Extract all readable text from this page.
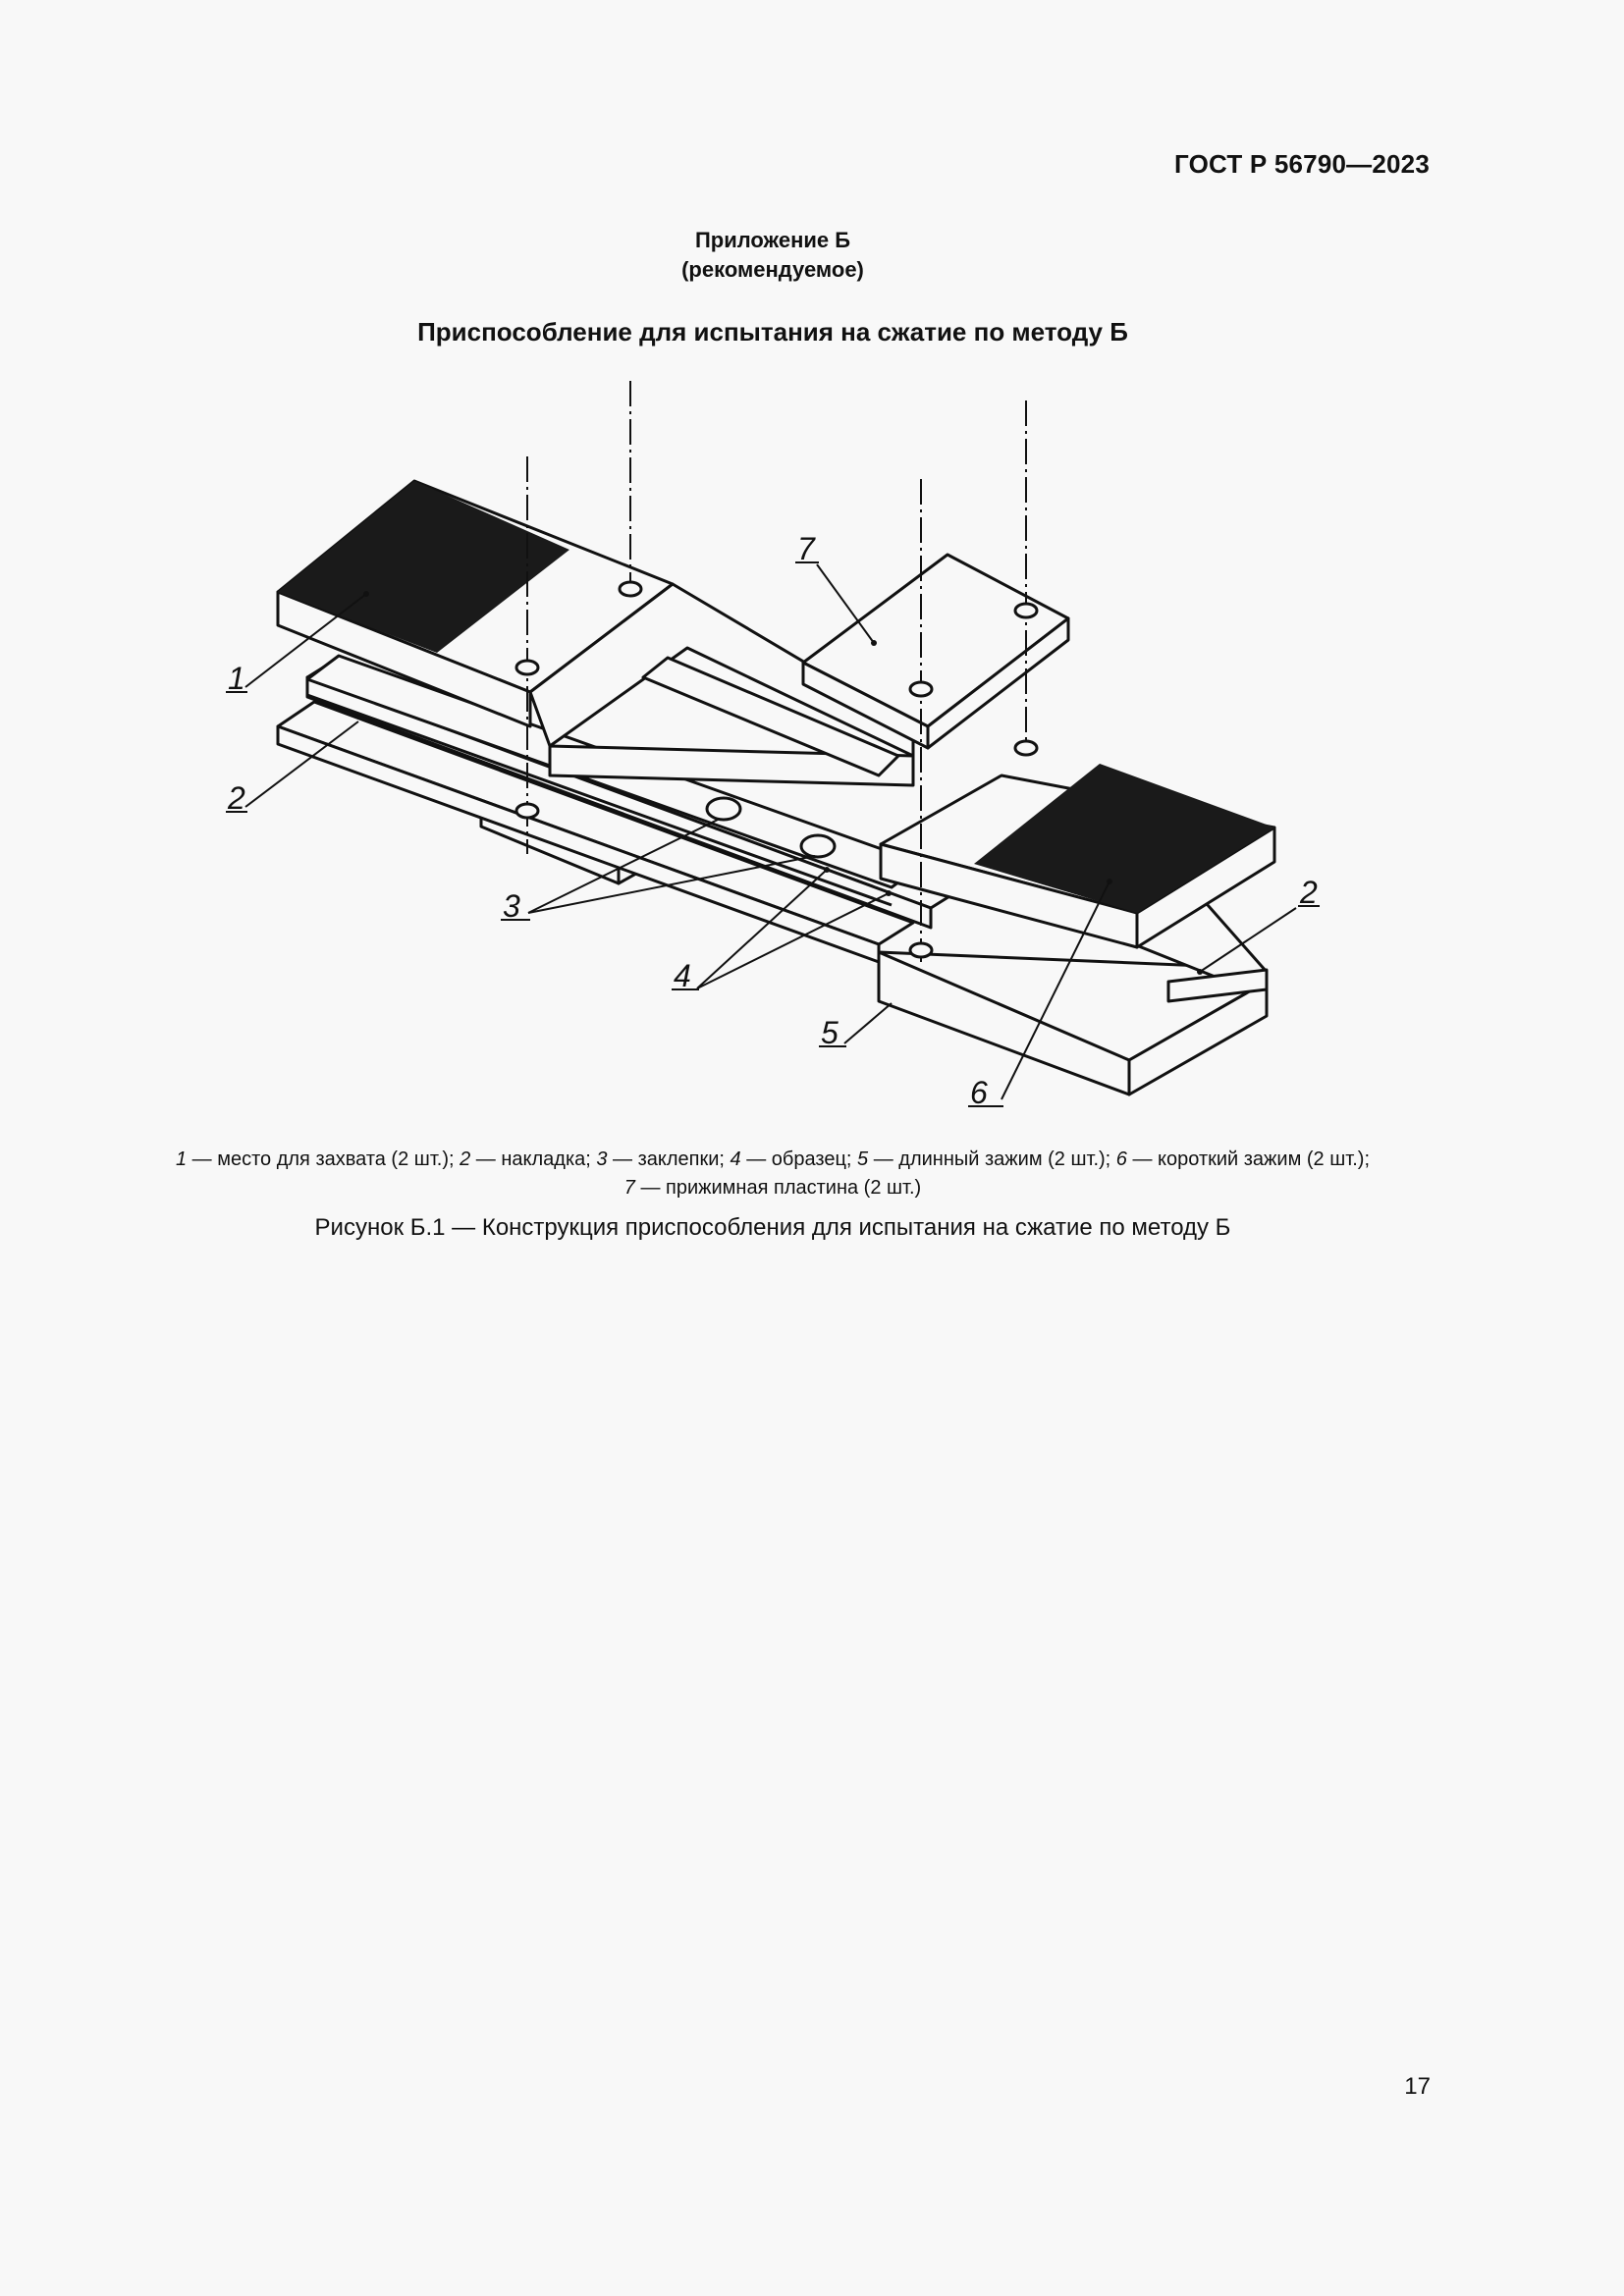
ГОСТ Р 56790—2023
Приложение Б
(рекомендуемое)
Приспособление для испытания на сжатие по методу Б
1
2
3
4
5
6
2
7
1 — место для захвата (2 шт.); 2 — накладка; 3 — заклепки; 4 — образец; 5 — длинный зажим (2 шт.); 6 — короткий зажим (2 шт.);
7 — прижимная пластина (2 шт.)
Рисунок Б.1 — Конструкция приспособления для испытания на сжатие по методу Б
17
